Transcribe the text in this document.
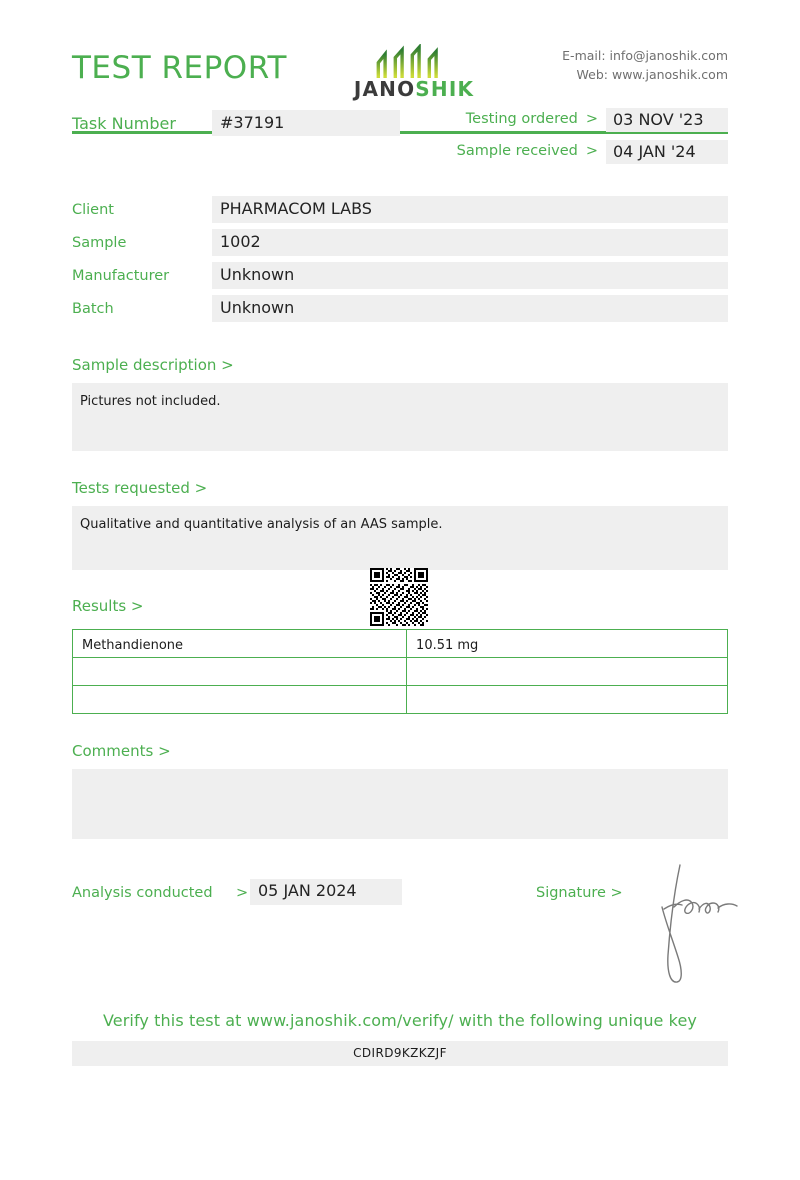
TEST REPORT
JANOSHIK
E-mail: info@janoshik.com
Web: www.janoshik.com
Task Number	#37191	Testing ordered > 03 NOV '23
Sample received > 04 JAN '24
Client	PHARMACOM LABS
Sample	1002
Manufacturer	Unknown
Batch	Unknown
Sample description >
Pictures not included.
Tests requested >
Qualitative and quantitative analysis of an AAS sample.
Results >
Methandienone	10.51 mg

Comments >
Analysis conducted > 05 JAN 2024	Signature >
Verify this test at www.janoshik.com/verify/ with the following unique key
CDIRD9KZKZJF
